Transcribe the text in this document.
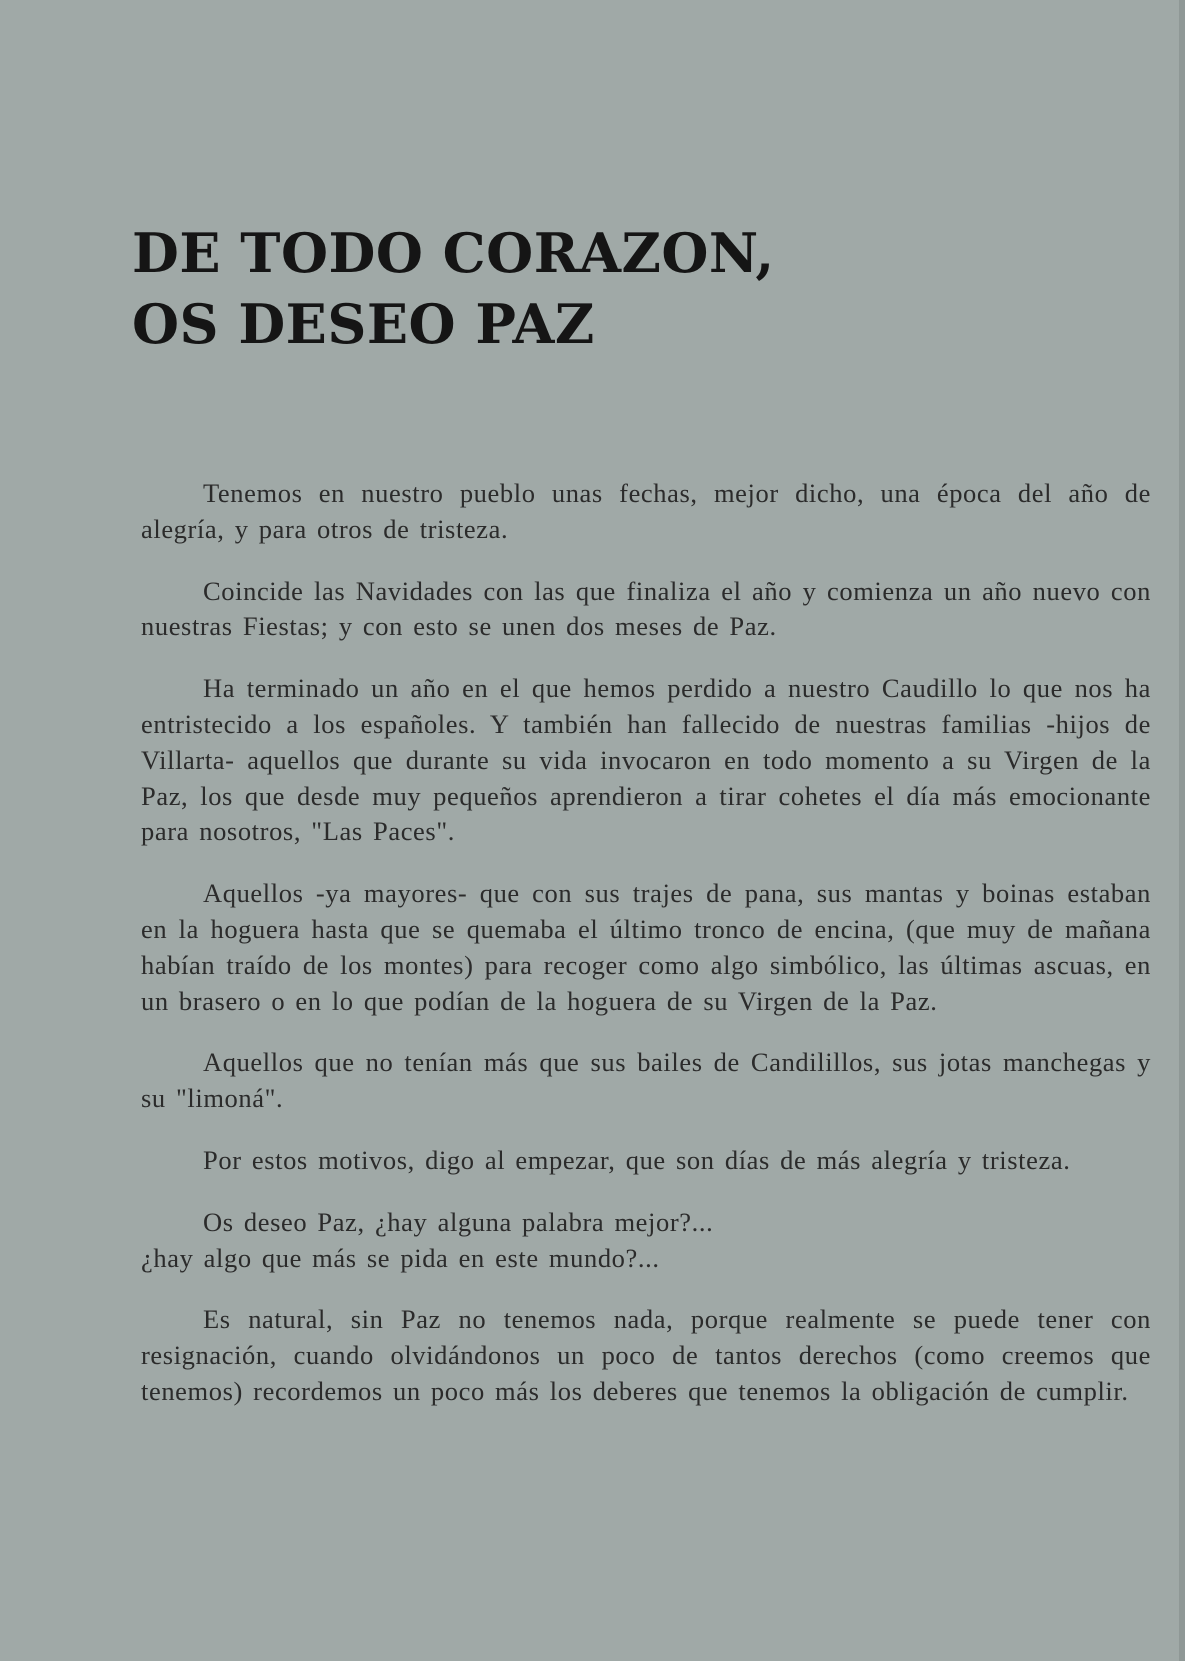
DE TODO CORAZON,
OS DESEO PAZ

Tenemos en nuestro pueblo unas fechas, mejor dicho, una época del año de alegría, y para otros de tristeza.

Coincide las Navidades con las que finaliza el año y comienza un año nuevo con nuestras Fiestas; y con esto se unen dos meses de Paz.

Ha terminado un año en el que hemos perdido a nuestro Caudillo lo que nos ha entristecido a los españoles. Y también han fallecido de nuestras familias -hijos de Villarta- aquellos que durante su vida invocaron en todo momento a su Virgen de la Paz, los que desde muy pequeños aprendieron a tirar cohetes el día más emocionante para nosotros, "Las Paces".

Aquellos -ya mayores- que con sus trajes de pana, sus mantas y boinas estaban en la hoguera hasta que se quemaba el último tronco de encina, (que muy de mañana habían traído de los montes) para recoger como algo simbólico, las últimas ascuas, en un brasero o en lo que podían de la hoguera de su Virgen de la Paz.

Aquellos que no tenían más que sus bailes de Candilillos, sus jotas manchegas y su "limoná".

Por estos motivos, digo al empezar, que son días de más alegría y tristeza.

Os deseo Paz, ¿hay alguna palabra mejor?...

¿hay algo que más se pida en este mundo?...

Es natural, sin Paz no tenemos nada, porque realmente se puede tener con resignación, cuando olvidándonos un poco de tantos derechos (como creemos que tenemos) recordemos un poco más los deberes que tenemos la obligación de cumplir.
